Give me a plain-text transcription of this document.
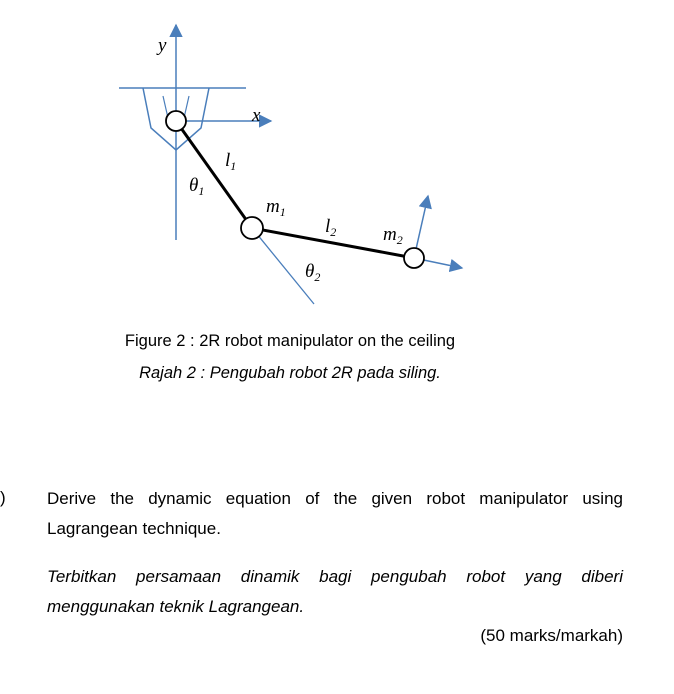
y
x
$l_1$
$\theta_1$
$m_1$
$l_2$ $m_2$
$\theta_2$
Figure 2 : 2R robot manipulator on the ceiling
Rajah 2 : Pengubah robot 2R pada siling.
) Derive the dynamic equation of the given robot manipulator using Lagrangean technique.
Terbitkan persamaan dinamik bagi pengubah robot yang diberi menggunakan teknik Lagrangean.
(50 marks/markah)
